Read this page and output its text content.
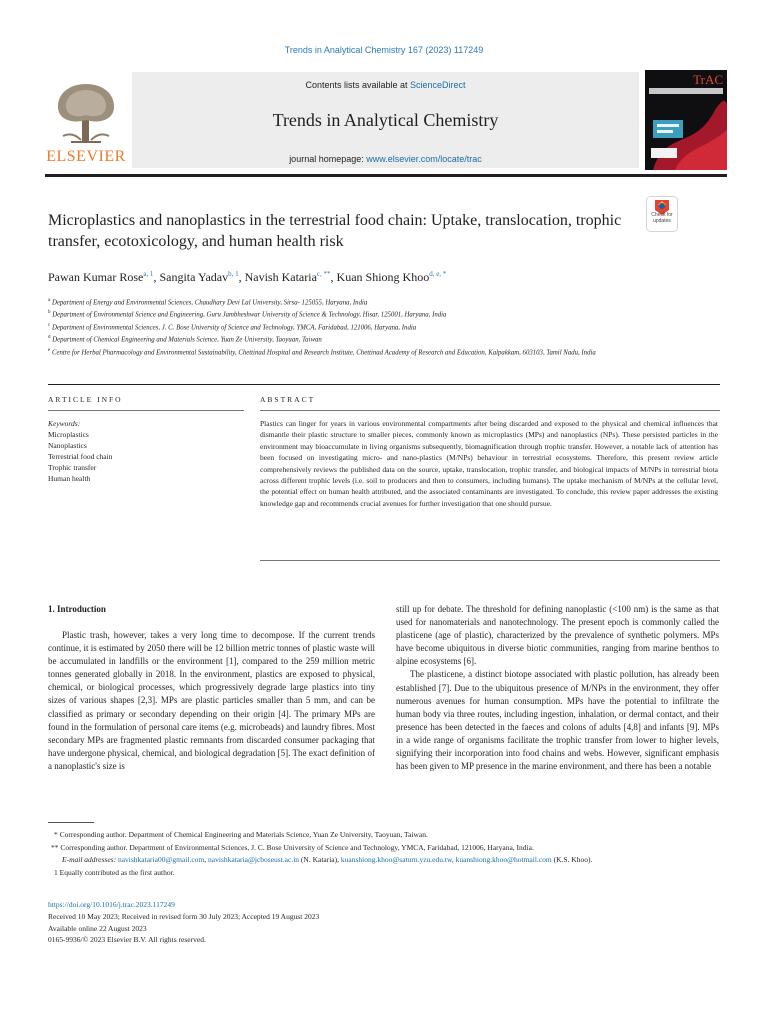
Trends in Analytical Chemistry 167 (2023) 117249
ELSEVIER
Contents lists available at ScienceDirect
Trends in Analytical Chemistry
journal homepage: www.elsevier.com/locate/trac
TrAC
Microplastics and nanoplastics in the terrestrial food chain: Uptake, translocation, trophic transfer, ecotoxicology, and human health risk
Check for updates
Pawan Kumar Rose$^{a, 1}$, Sangita Yadav$^{b, 1}$, Navish Kataria$^{c, **}$, Kuan Shiong Khoo$^{d, e, *}$
$^a$ Department of Energy and Environmental Sciences, Chaudhary Devi Lal University, Sirsa- 125055, Haryana, India
$^b$ Department of Environmental Science and Engineering, Guru Jambheshwar University of Science & Technology, Hisar, 125001, Haryana, India
$^c$ Department of Environmental Sciences, J. C. Bose University of Science and Technology, YMCA, Faridabad, 121006, Haryana, India
$^d$ Department of Chemical Engineering and Materials Science, Yuan Ze University, Taoyuan, Taiwan
$^e$ Centre for Herbal Pharmacology and Environmental Sustainability, Chettinad Hospital and Research Institute, Chettinad Academy of Research and Education, Kalpakkam, 603103, Tamil Nadu, India
ARTICLE INFO	ABSTRACT
Keywords:
Microplastics
Nanoplastics
Terrestrial food chain
Trophic transfer
Human health
Plastics can linger for years in various environmental compartments after being discarded and exposed to the physical and chemical influences that dismantle their plastic structure to smaller pieces, commonly known as microplastics (MPs) and nanoplastics (NPs). These persisted particles in the environment may bioaccumulate in living organisms subsequently, biomagnification through trophic transfer. However, a notable lack of attention has been focused on investigating micro- and nano-plastics (M/NPs) behaviour in terrestrial ecosystems. Therefore, this present review article comprehensively reviews the published data on the source, uptake, translocation, trophic transfer, and biological impacts of M/NPs in terrestrial biota across different trophic levels (i.e. soil to producers and then to consumers, including humans). The uptake mechanism of M/NPs at the cellular level, the potential effect on human health attributed, and the associated contaminants are investigated. To conclude, this review paper addresses the existing knowledge gap and recommends crucial avenues for further investigation that one should pursue.
1. Introduction

Plastic trash, however, takes a very long time to decompose. If the current trends continue, it is estimated by 2050 there will be 12 billion metric tonnes of plastic waste will be accumulated in landfills or the environment [1], compared to the 259 million metric tonnes generated globally in 2018. In the environment, plastics are exposed to physical, chemical, or biological processes, which progressively degrade large plastics into tiny sizes of various shapes [2,3]. MPs are plastic particles smaller than 5 mm, and can be classified as primary or secondary depending on their origin [4]. The primary MPs are found in the formulation of personal care items (e.g. microbeads) and laundry fibres. Most secondary MPs are fragmented plastic remnants from discarded consumer packaging that have undergone physical, chemical, and biological degradation [5]. The exact definition of a nanoplastic's size is

still up for debate. The threshold for defining nanoplastic (<100 nm) is the same as that used for nanomaterials and nanotechnology. The present epoch is commonly called the plasticene (age of plastic), characterized by the prevalence of synthetic polymers. MPs have become ubiquitous in diverse biotic communities, ranging from marine benthos to alpine ecosystems [6].

The plasticene, a distinct biotope associated with plastic pollution, has already been established [7]. Due to the ubiquitous presence of M/NPs in the environment, they offer numerous avenues for human consumption. MPs have the potential to infiltrate the human body via three routes, including ingestion, inhalation, or dermal contact, and their presence has been detected in the faeces and colons of adults [4,8] and infants [9]. MPs in a wide range of organisms facilitate the trophic transfer from lower to higher levels, signifying their incorporation into food chains and webs. However, significant emphasis has been given to MP presence in the marine environment, and there has been a notable

* Corresponding author. Department of Chemical Engineering and Materials Science, Yuan Ze University, Taoyuan, Taiwan.
** Corresponding author. Department of Environmental Sciences, J. C. Bose University of Science and Technology, YMCA, Faridabad, 121006, Haryana, India.
E-mail addresses: navishkataria00@gmail.com, navishkataria@jcboseust.ac.in (N. Kataria), kuanshiong.khoo@saturn.yzu.edu.tw, kuanshiong.khoo@hotmail.com (K.S. Khoo).
1 Equally contributed as the first author.
https://doi.org/10.1016/j.trac.2023.117249
Received 10 May 2023; Received in revised form 30 July 2023; Accepted 19 August 2023
Available online 22 August 2023
0165-9936/© 2023 Elsevier B.V. All rights reserved.
